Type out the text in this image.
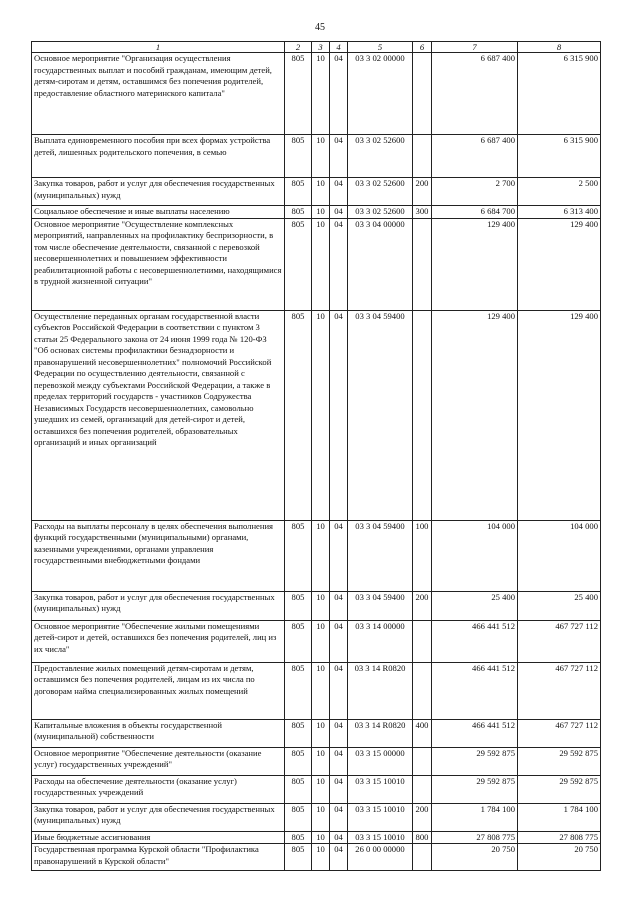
45
1	2	3	4	5	6	7	8
Основное мероприятие "Организация осуществления государственных выплат и пособий гражданам, имеющим детей, детям-сиротам и детям, оставшимся без попечения родителей, предоставление областного материнского капитала"	805	10	04	03 3 02 00000		6 687 400	6 315 900
Выплата единовременного пособия при всех формах устройства детей, лишенных родительского попечения, в семью	805	10	04	03 3 02 52600		6 687 400	6 315 900
Закупка товаров, работ и услуг для обеспечения государственных (муниципальных) нужд	805	10	04	03 3 02 52600	200	2 700	2 500
Социальное обеспечение и иные выплаты населению	805	10	04	03 3 02 52600	300	6 684 700	6 313 400
Основное мероприятие "Осуществление комплексных мероприятий, направленных на профилактику беспризорности, в том числе обеспечение деятельности, связанной с перевозкой несовершеннолетних и повышением эффективности реабилитационной работы с несовершеннолетними, находящимися в трудной жизненной ситуации"	805	10	04	03 3 04 00000		129 400	129 400
Осуществление переданных органам государственной власти субъектов Российской Федерации в соответствии с пунктом 3 статьи 25 Федерального закона от 24 июня 1999 года № 120-ФЗ "Об основах системы профилактики безнадзорности и правонарушений несовершеннолетних" полномочий Российской Федерации по осуществлению деятельности, связанной с перевозкой между субъектами Российской Федерации, а также в пределах территорий государств - участников Содружества Независимых Государств несовершеннолетних, самовольно ушедших из семей, организаций для детей-сирот и детей, оставшихся без попечения родителей, образовательных организаций и иных организаций	805	10	04	03 3 04 59400		129 400	129 400
Расходы на выплаты персоналу в целях обеспечения выполнения функций государственными (муниципальными) органами, казенными учреждениями, органами управления государственными внебюджетными фондами	805	10	04	03 3 04 59400	100	104 000	104 000
Закупка товаров, работ и услуг для обеспечения государственных (муниципальных) нужд	805	10	04	03 3 04 59400	200	25 400	25 400
Основное мероприятие "Обеспечение жилыми помещениями детей-сирот и детей, оставшихся без попечения родителей, лиц из их числа"	805	10	04	03 3 14 00000		466 441 512	467 727 112
Предоставление жилых помещений детям-сиротам и детям, оставшимся без попечения родителей, лицам из их числа по договорам найма специализированных жилых помещений	805	10	04	03 3 14 R0820		466 441 512	467 727 112
Капитальные вложения в объекты государственной (муниципальной) собственности	805	10	04	03 3 14 R0820	400	466 441 512	467 727 112
Основное мероприятие "Обеспечение деятельности (оказание услуг) государственных учреждений"	805	10	04	03 3 15 00000		29 592 875	29 592 875
Расходы на обеспечение деятельности (оказание услуг) государственных учреждений	805	10	04	03 3 15 10010		29 592 875	29 592 875
Закупка товаров, работ и услуг для обеспечения государственных (муниципальных) нужд	805	10	04	03 3 15 10010	200	1 784 100	1 784 100
Иные бюджетные ассигнования	805	10	04	03 3 15 10010	800	27 808 775	27 808 775
Государственная программа Курской области "Профилактика правонарушений в Курской области"	805	10	04	26 0 00 00000		20 750	20 750
